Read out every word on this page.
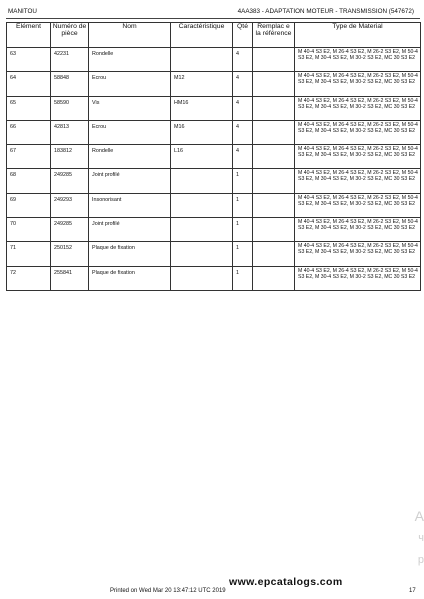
MANITOU	4AA383 - ADAPTATION MOTEUR - TRANSMISSION (547672)
Elément	Numéro de pièce	Nom	Caractéristique	Qté	Remplac e la référence	Type de Material
63	42231	Rondelle		4		M 40-4 S3 E2, M 26-4 S3 E2, M 26-2 S3 E2, M 50-4 S3 E2, M 30-4 S3 E2, M 30-2 S3 E2, MC 30 S3 E2
64	58848	Ecrou	M12	4		M 40-4 S3 E2, M 26-4 S3 E2, M 26-2 S3 E2, M 50-4 S3 E2, M 30-4 S3 E2, M 30-2 S3 E2, MC 30 S3 E2
65	58590	Vis	HM16	4		M 40-4 S3 E2, M 26-4 S3 E2, M 26-2 S3 E2, M 50-4 S3 E2, M 30-4 S3 E2, M 30-2 S3 E2, MC 30 S3 E2
66	42813	Ecrou	M16	4		M 40-4 S3 E2, M 26-4 S3 E2, M 26-2 S3 E2, M 50-4 S3 E2, M 30-4 S3 E2, M 30-2 S3 E2, MC 30 S3 E2
67	183812	Rondelle	L16	4		M 40-4 S3 E2, M 26-4 S3 E2, M 26-2 S3 E2, M 50-4 S3 E2, M 30-4 S3 E2, M 30-2 S3 E2, MC 30 S3 E2
68	249285	Joint profilé		1		M 40-4 S3 E2, M 26-4 S3 E2, M 26-2 S3 E2, M 50-4 S3 E2, M 30-4 S3 E2, M 30-2 S3 E2, MC 30 S3 E2
69	249293	Insonorisant		1		M 40-4 S3 E2, M 26-4 S3 E2, M 26-2 S3 E2, M 50-4 S3 E2, M 30-4 S3 E2, M 30-2 S3 E2, MC 30 S3 E2
70	249285	Joint profilé		1		M 40-4 S3 E2, M 26-4 S3 E2, M 26-2 S3 E2, M 50-4 S3 E2, M 30-4 S3 E2, M 30-2 S3 E2, MC 30 S3 E2
71	250152	Plaque de fixation		1		M 40-4 S3 E2, M 26-4 S3 E2, M 26-2 S3 E2, M 50-4 S3 E2, M 30-4 S3 E2, M 30-2 S3 E2, MC 30 S3 E2
72	255841	Plaque de fixation		1		M 40-4 S3 E2, M 26-4 S3 E2, M 26-2 S3 E2, M 50-4 S3 E2, M 30-4 S3 E2, M 30-2 S3 E2, MC 30 S3 E2
A
ч
р
www.epcatalogs.com
Printed on Wed Mar 20 13:47:12 UTC 2019	17
